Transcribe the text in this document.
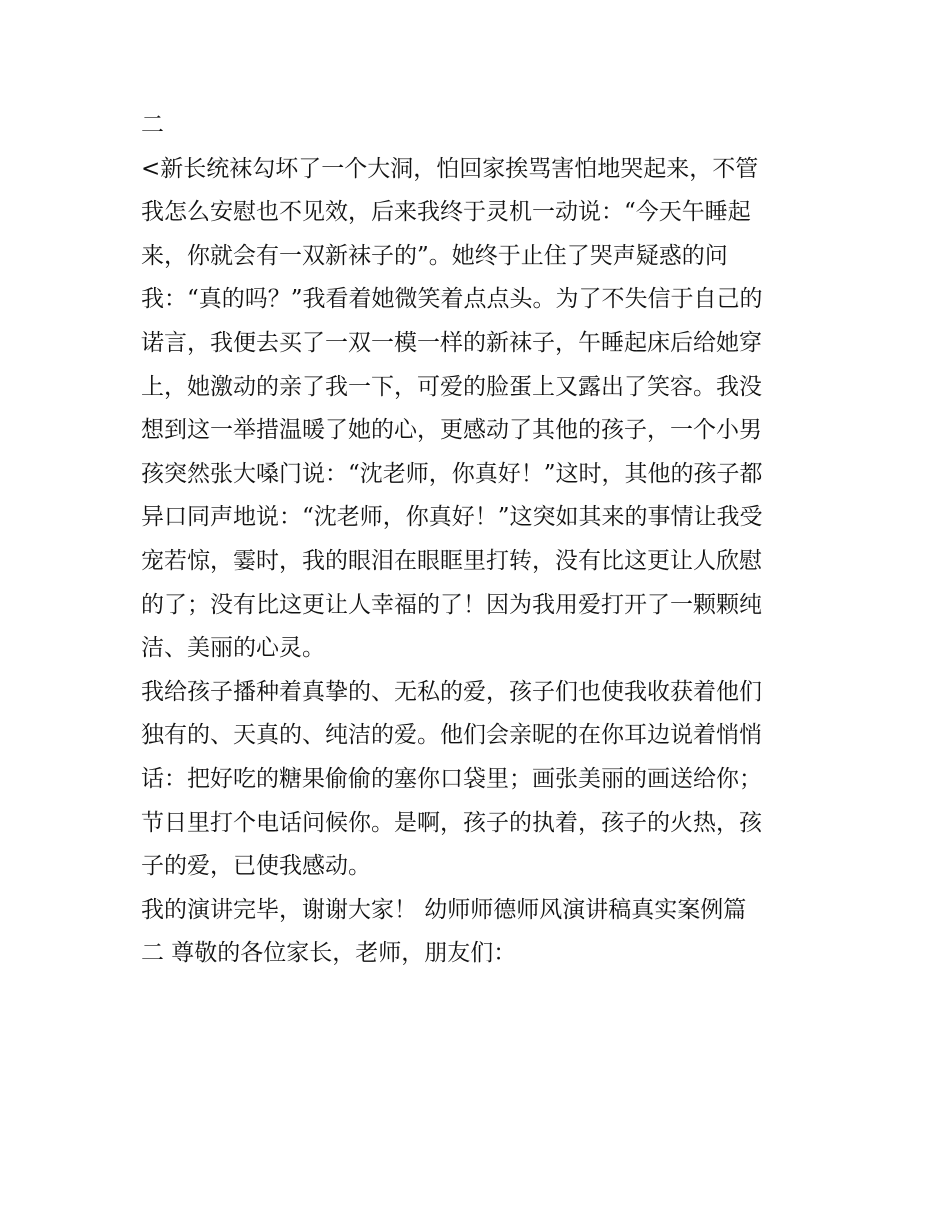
二
<新长统袜勾坏了一个大洞，怕回家挨骂害怕地哭起来，不管
我怎么安慰也不见效，后来我终于灵机一动说：“今天午睡起
来，你就会有一双新袜子的”。她终于止住了哭声疑惑的问
我：“真的吗？”我看着她微笑着点点头。为了不失信于自己的
诺言，我便去买了一双一模一样的新袜子，午睡起床后给她穿
上，她激动的亲了我一下，可爱的脸蛋上又露出了笑容。我没
想到这一举措温暖了她的心，更感动了其他的孩子，一个小男
孩突然张大嗓门说：“沈老师，你真好！”这时，其他的孩子都
异口同声地说：“沈老师，你真好！”这突如其来的事情让我受
宠若惊，霎时，我的眼泪在眼眶里打转，没有比这更让人欣慰
的了；没有比这更让人幸福的了！因为我用爱打开了一颗颗纯
洁、美丽的心灵。
我给孩子播种着真挚的、无私的爱，孩子们也使我收获着他们
独有的、天真的、纯洁的爱。他们会亲昵的在你耳边说着悄悄
话：把好吃的糖果偷偷的塞你口袋里；画张美丽的画送给你；
节日里打个电话问候你。是啊，孩子的执着，孩子的火热，孩
子的爱，已使我感动。
我的演讲完毕，谢谢大家！ 幼师师德师风演讲稿真实案例篇
二 尊敬的各位家长，老师，朋友们：
